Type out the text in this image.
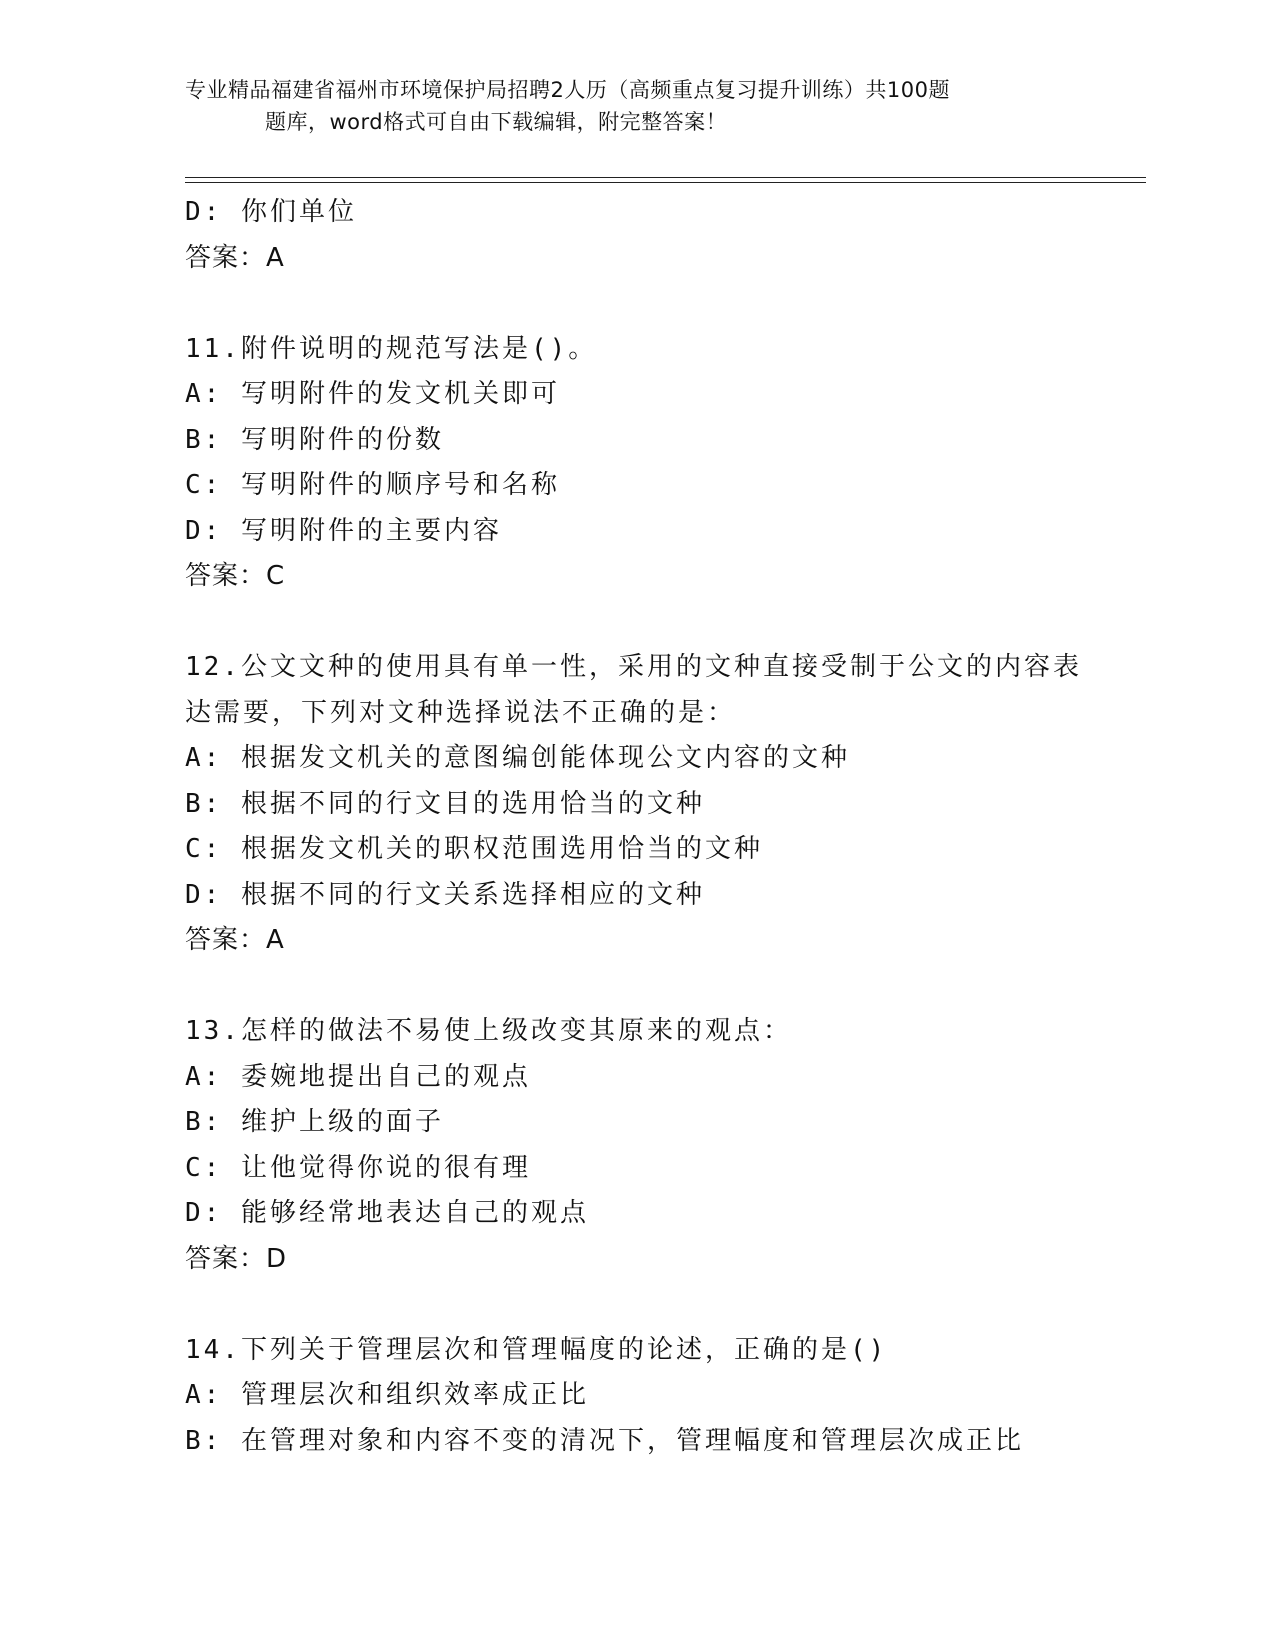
专业精品福建省福州市环境保护局招聘2人历（高频重点复习提升训练）共100题
题库，word格式可自由下载编辑，附完整答案！
D: 你们单位
答案：A
11.附件说明的规范写法是()。
A: 写明附件的发文机关即可
B: 写明附件的份数
C: 写明附件的顺序号和名称
D: 写明附件的主要内容
答案：C
12.公文文种的使用具有单一性，采用的文种直接受制于公文的内容表
达需要，下列对文种选择说法不正确的是：
A: 根据发文机关的意图编创能体现公文内容的文种
B: 根据不同的行文目的选用恰当的文种
C: 根据发文机关的职权范围选用恰当的文种
D: 根据不同的行文关系选择相应的文种
答案：A
13.怎样的做法不易使上级改变其原来的观点：
A: 委婉地提出自己的观点
B: 维护上级的面子
C: 让他觉得你说的很有理
D: 能够经常地表达自己的观点
答案：D
14.下列关于管理层次和管理幅度的论述，正确的是()
A: 管理层次和组织效率成正比
B: 在管理对象和内容不变的清况下，管理幅度和管理层次成正比
